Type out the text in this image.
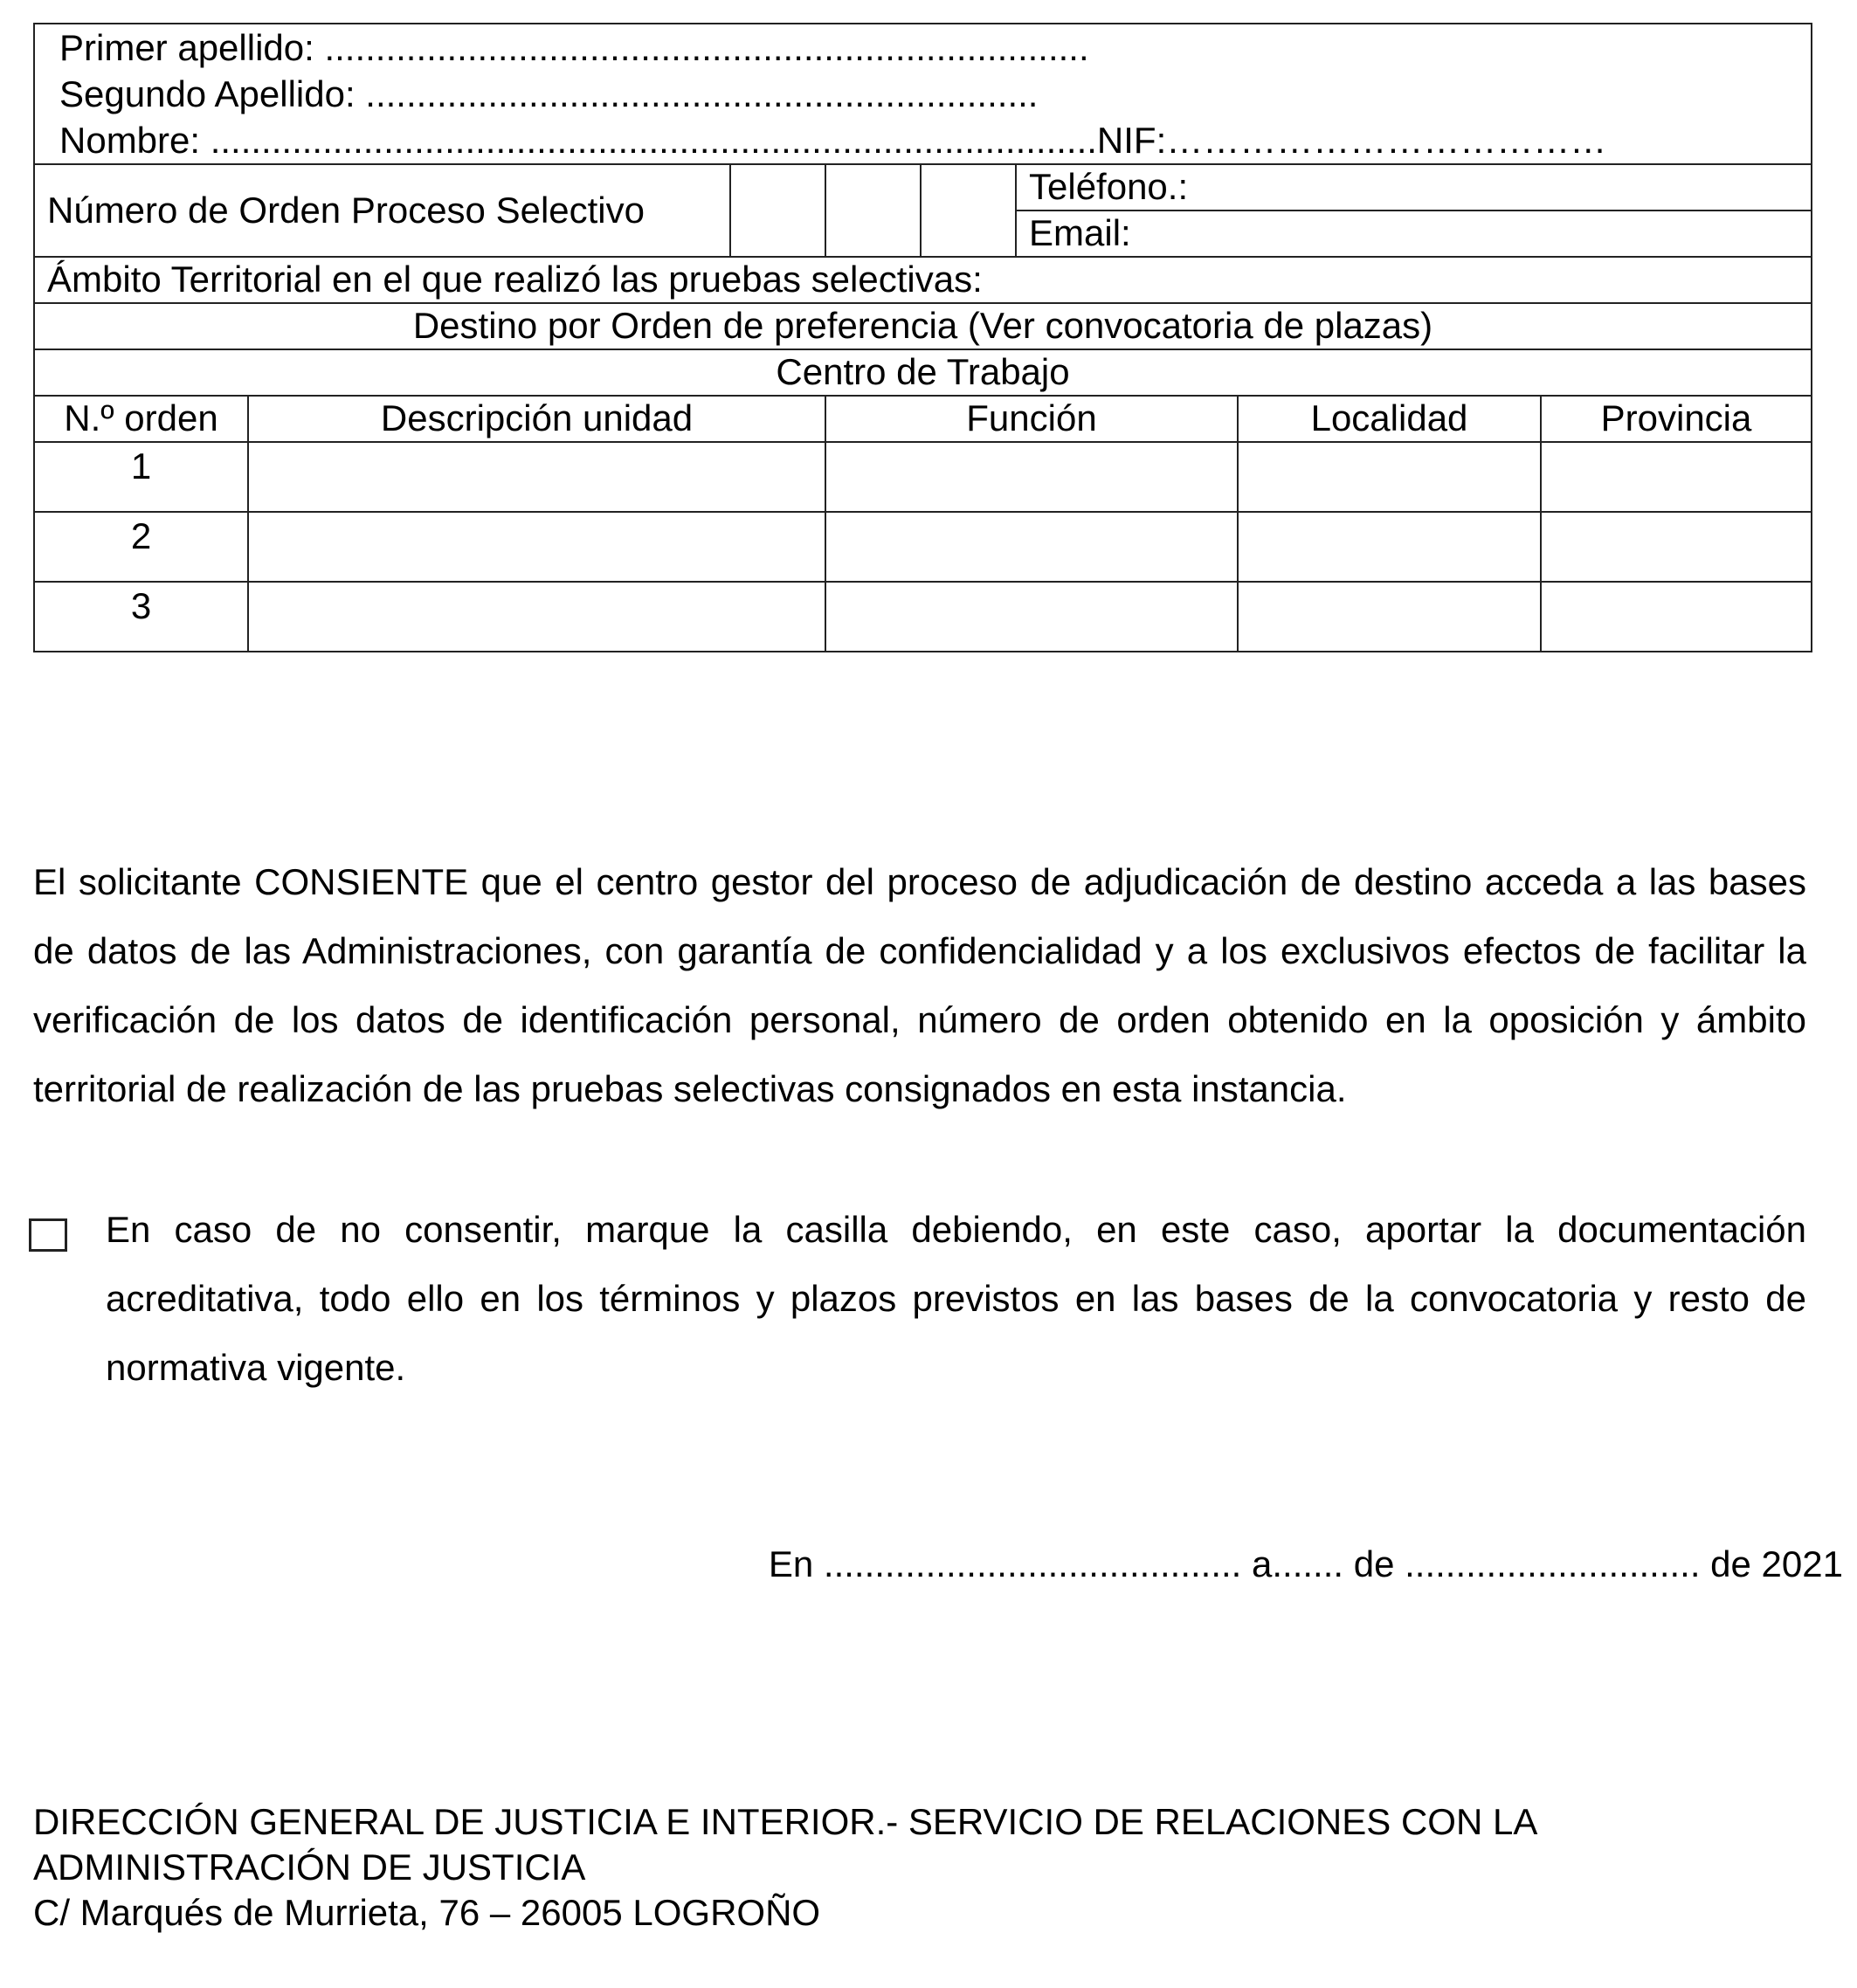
Primer apellido: ...........................................................................
Segundo Apellido: ..................................................................
Nombre: .......................................................................................NIF:………………………………							

Número de Orden Proceso Selectivo					Teléfono.:		
					Email:		
Ámbito Territorial en el que realizó las pruebas selectivas:							
Destino por Orden de preferencia (Ver convocatoria de plazas)							
Centro de Trabajo							
N.º orden	Descripción unidad		Función			Localidad	Provincia
1							
2							
3							
El solicitante CONSIENTE que el centro gestor del proceso de adjudicación de destino acceda a las bases de datos de las Administraciones, con garantía de confidencialidad y a los exclusivos efectos de facilitar la verificación de los datos de identificación personal, número de orden obtenido en la oposición y ámbito territorial de realización de las pruebas selectivas consignados en esta instancia.
En caso de no consentir, marque la casilla debiendo, en este caso, aportar la documentación acreditativa, todo ello en los términos y plazos previstos en las bases de la convocatoria y resto de normativa vigente.
En ......................................... a....... de ............................. de 2021
DIRECCIÓN GENERAL DE JUSTICIA E INTERIOR.- SERVICIO DE RELACIONES CON LA
ADMINISTRACIÓN DE JUSTICIA
C/ Marqués de Murrieta, 76 – 26005 LOGROÑO
